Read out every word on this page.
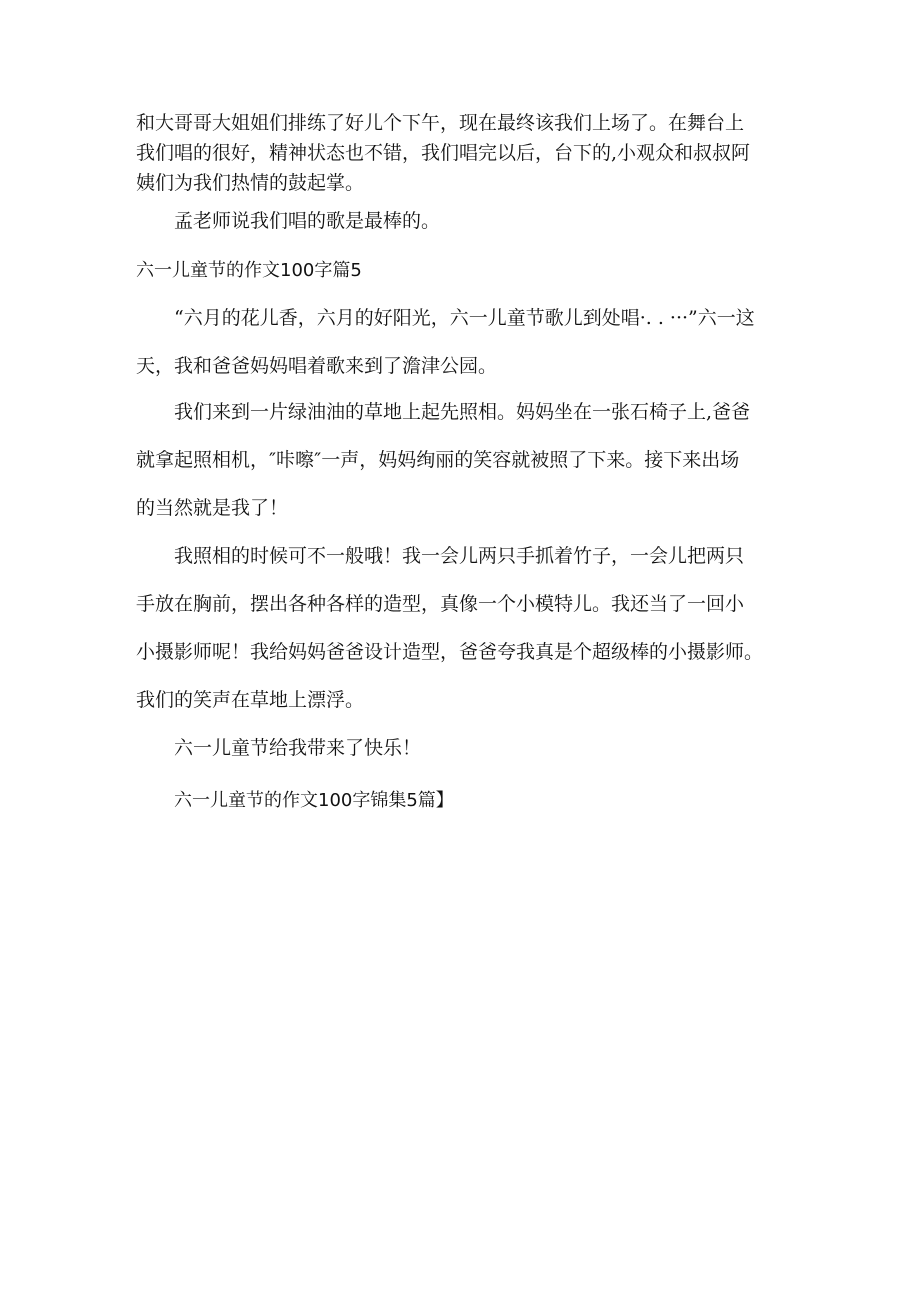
和大哥哥大姐姐们排练了好儿个下午，现在最终该我们上场了。在舞台上
我们唱的很好，精神状态也不错，我们唱完以后，台下的,小观众和叔叔阿
姨们为我们热情的鼓起掌。
孟老师说我们唱的歌是最棒的。
六一儿童节的作文100字篇5
“六月的花儿香，六月的好阳光，六一儿童节歌儿到处唱·. . ···”六一这
天，我和爸爸妈妈唱着歌来到了澹津公园。
我们来到一片绿油油的草地上起先照相。妈妈坐在一张石椅子上,爸爸
就拿起照相机，″咔嚓″一声，妈妈绚丽的笑容就被照了下来。接下来出场
的当然就是我了！
我照相的时候可不一般哦！我一会儿两只手抓着竹子，一会儿把两只
手放在胸前，摆出各种各样的造型，真像一个小模特儿。我还当了一回小
小摄影师呢！我给妈妈爸爸设计造型，爸爸夸我真是个超级棒的小摄影师。
我们的笑声在草地上漂浮。
六一儿童节给我带来了快乐！
六一儿童节的作文100字锦集5篇】
